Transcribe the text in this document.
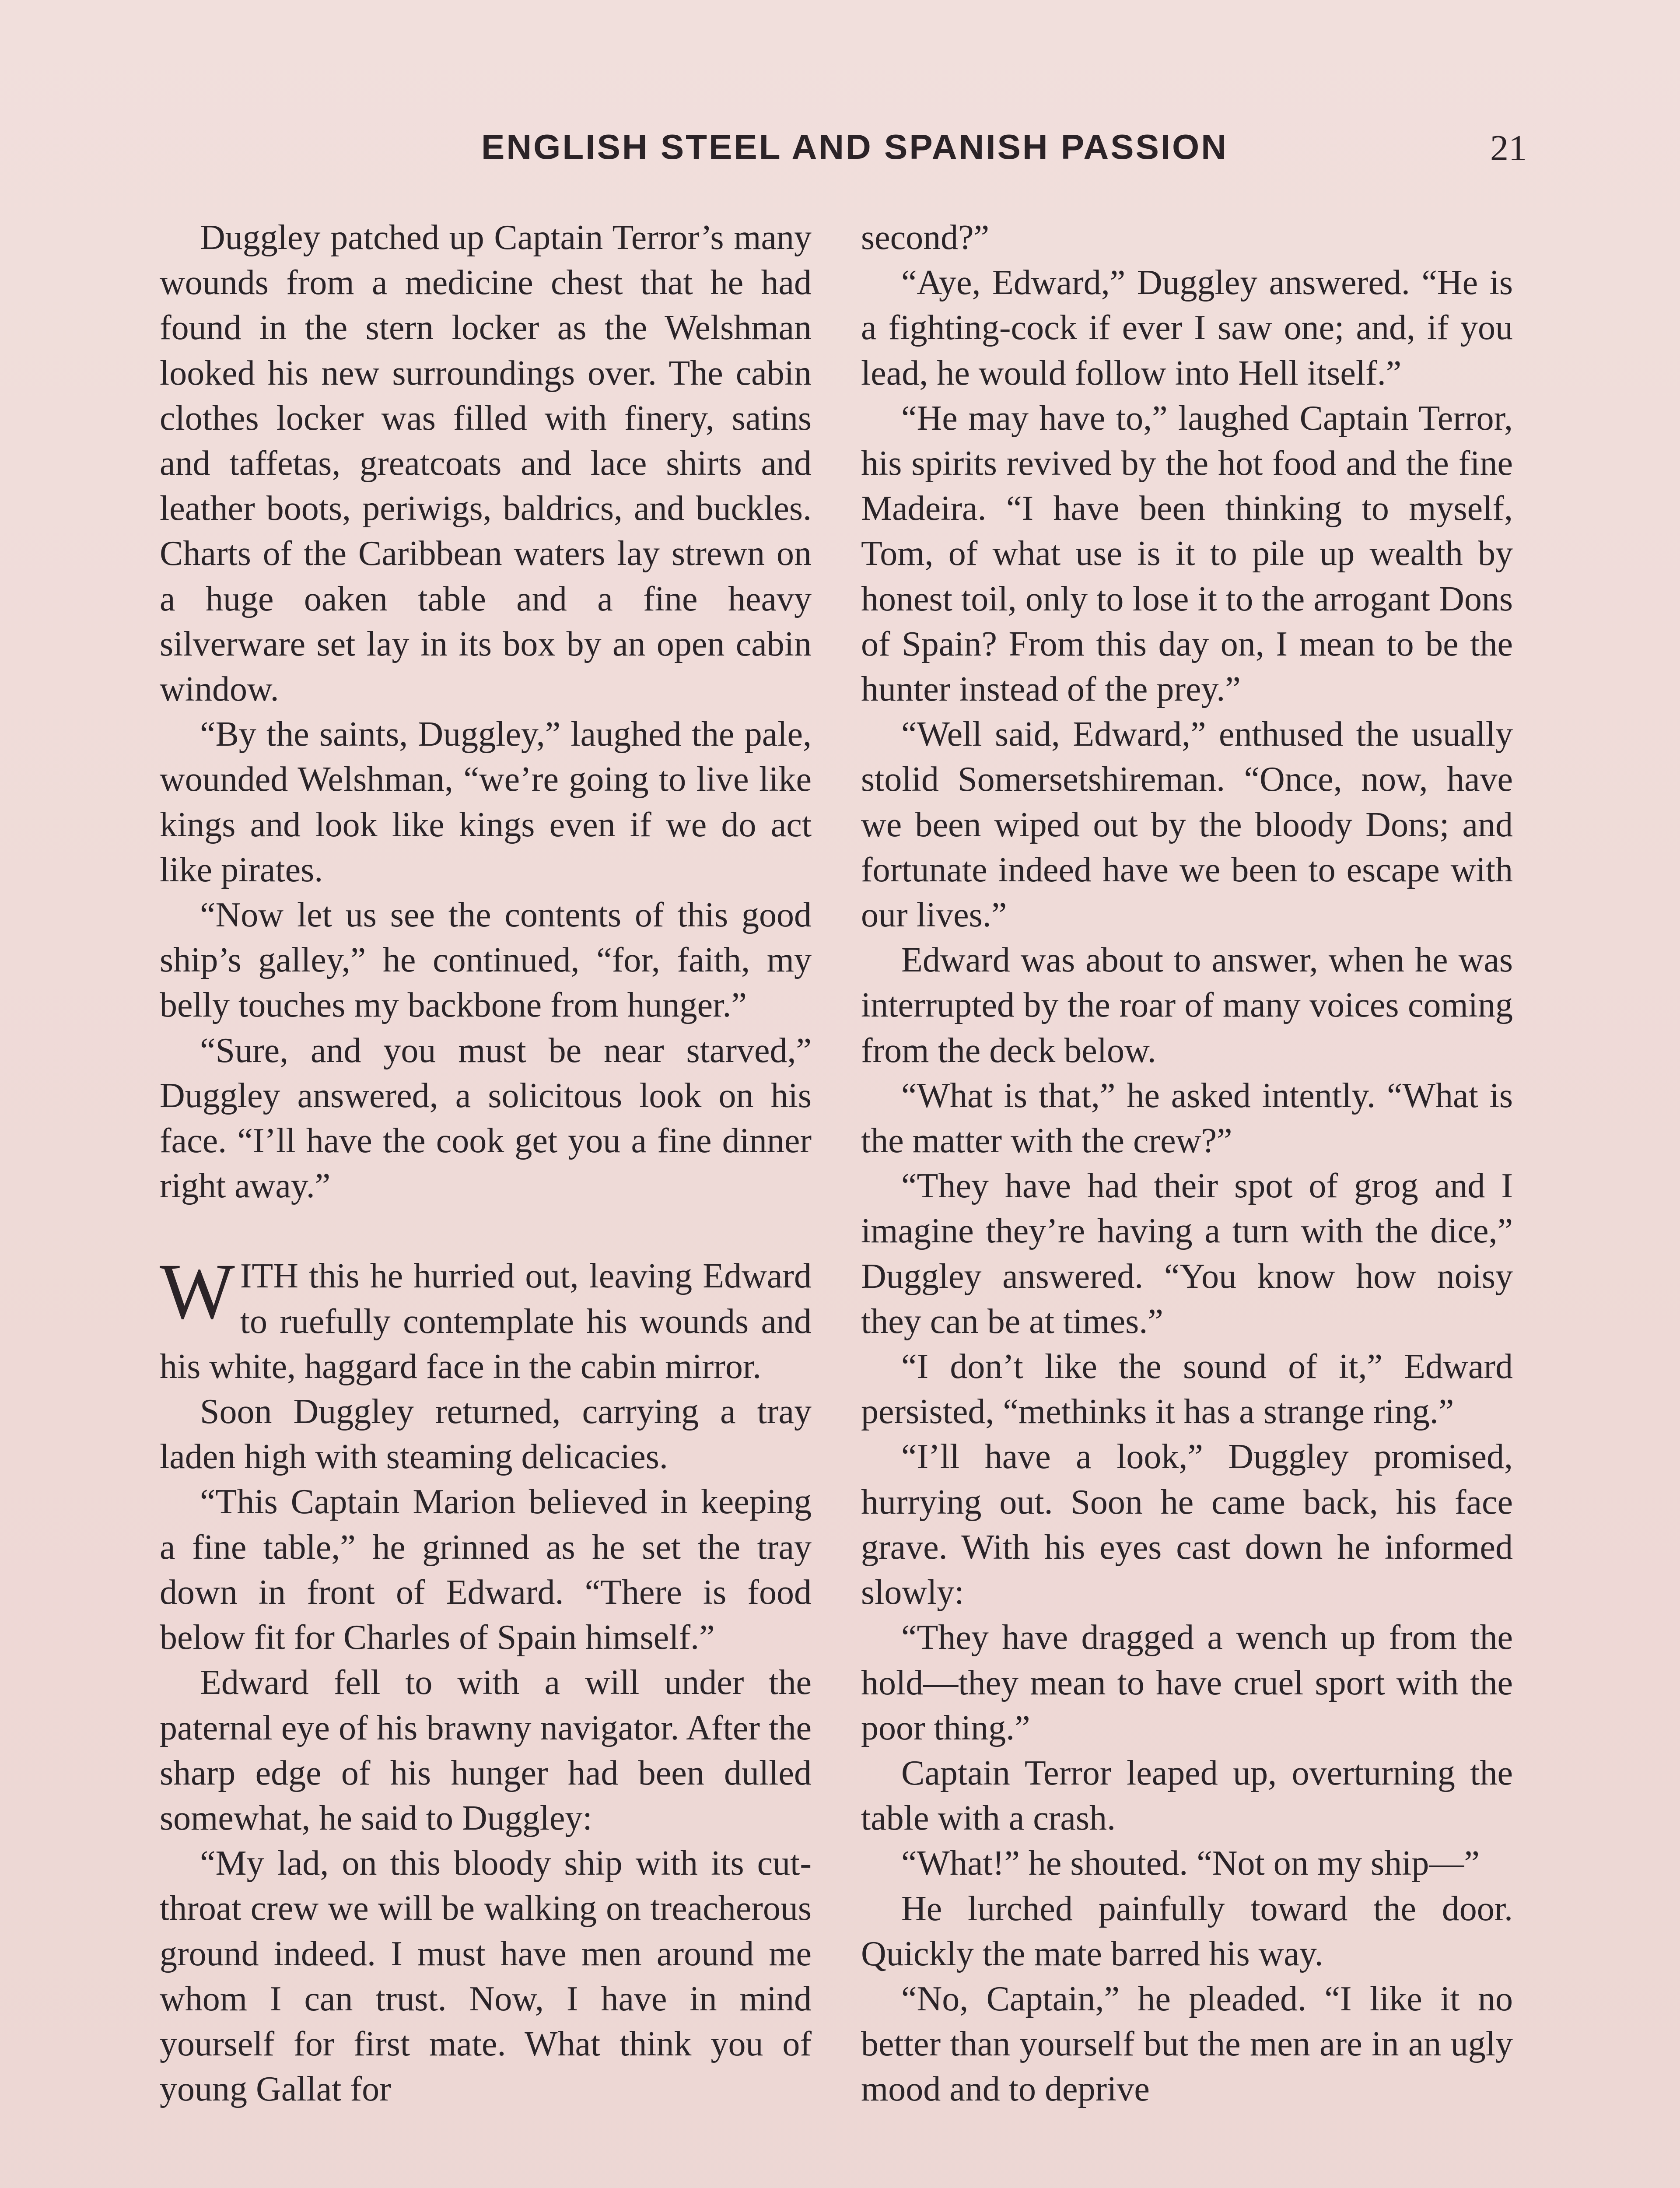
ENGLISH STEEL AND SPANISH PASSION	21

Duggley patched up Captain Terror’s many wounds from a medicine chest that he had found in the stern locker as the Welshman looked his new surroundings over. The cabin clothes locker was filled with finery, satins and taffetas, greatcoats and lace shirts and leather boots, periwigs, baldrics, and buckles. Charts of the Caribbean waters lay strewn on a huge oaken table and a fine heavy silverware set lay in its box by an open cabin window.

“By the saints, Duggley,” laughed the pale, wounded Welshman, “we’re going to live like kings and look like kings even if we do act like pirates.

“Now let us see the contents of this good ship’s galley,” he continued, “for, faith, my belly touches my backbone from hunger.”

“Sure, and you must be near starved,” Duggley answered, a solicitous look on his face. “I’ll have the cook get you a fine dinner right away.”

WITH this he hurried out, leaving Edward to ruefully contemplate his wounds and his white, haggard face in the cabin mirror.

Soon Duggley returned, carrying a tray laden high with steaming delicacies.

“This Captain Marion believed in keeping a fine table,” he grinned as he set the tray down in front of Edward. “There is food below fit for Charles of Spain himself.”

Edward fell to with a will under the paternal eye of his brawny navigator. After the sharp edge of his hunger had been dulled somewhat, he said to Duggley:

“My lad, on this bloody ship with its cut-throat crew we will be walking on treacherous ground indeed. I must have men around me whom I can trust. Now, I have in mind yourself for first mate. What think you of young Gallat for

second?”

“Aye, Edward,” Duggley answered. “He is a fighting-cock if ever I saw one; and, if you lead, he would follow into Hell itself.”

“He may have to,” laughed Captain Terror, his spirits revived by the hot food and the fine Madeira. “I have been thinking to myself, Tom, of what use is it to pile up wealth by honest toil, only to lose it to the arrogant Dons of Spain? From this day on, I mean to be the hunter instead of the prey.”

“Well said, Edward,” enthused the usually stolid Somersetshireman. “Once, now, have we been wiped out by the bloody Dons; and fortunate indeed have we been to escape with our lives.”

Edward was about to answer, when he was interrupted by the roar of many voices coming from the deck below.

“What is that,” he asked intently. “What is the matter with the crew?”

“They have had their spot of grog and I imagine they’re having a turn with the dice,” Duggley answered. “You know how noisy they can be at times.”

“I don’t like the sound of it,” Edward persisted, “methinks it has a strange ring.”

“I’ll have a look,” Duggley promised, hurrying out. Soon he came back, his face grave. With his eyes cast down he informed slowly:

“They have dragged a wench up from the hold—they mean to have cruel sport with the poor thing.”

Captain Terror leaped up, overturning the table with a crash.

“What!” he shouted. “Not on my ship—”

He lurched painfully toward the door. Quickly the mate barred his way.

“No, Captain,” he pleaded. “I like it no better than yourself but the men are in an ugly mood and to deprive
